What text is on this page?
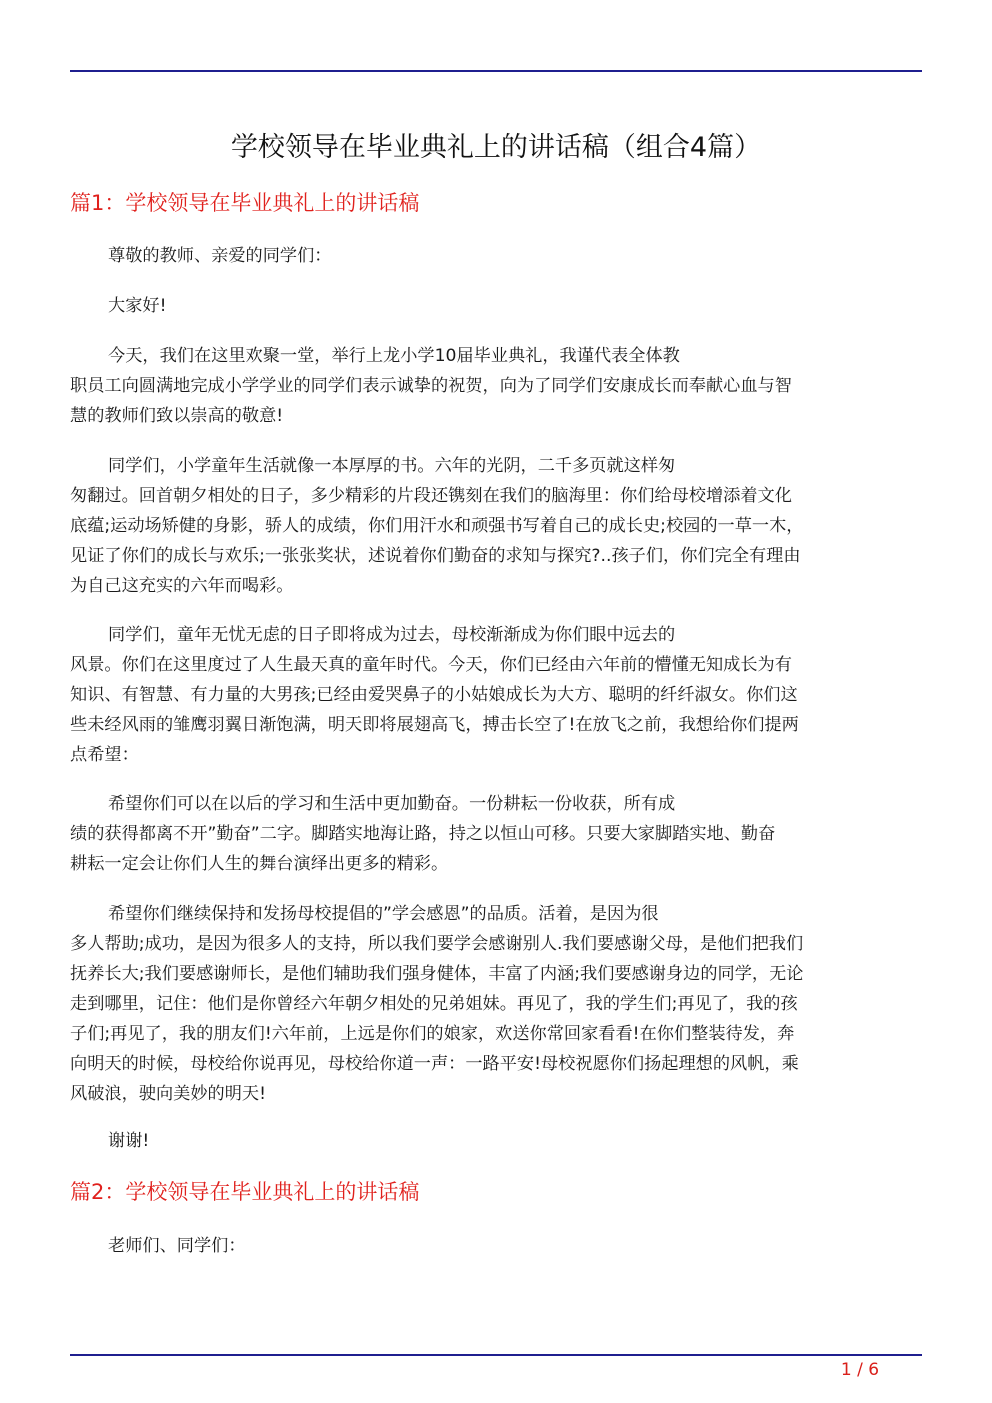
学校领导在毕业典礼上的讲话稿（组合4篇）
篇1：学校领导在毕业典礼上的讲话稿

尊敬的教师、亲爱的同学们：

大家好!

今天，我们在这里欢聚一堂，举行上龙小学10届毕业典礼，我谨代表全体教
职员工向圆满地完成小学学业的同学们表示诚挚的祝贺，向为了同学们安康成长而奉献心血与智
慧的教师们致以崇高的敬意!

同学们，小学童年生活就像一本厚厚的书。六年的光阴，二千多页就这样匆
匆翻过。回首朝夕相处的日子，多少精彩的片段还镌刻在我们的脑海里：你们给母校增添着文化
底蕴;运动场矫健的身影，骄人的成绩，你们用汗水和顽强书写着自己的成长史;校园的一草一木，
见证了你们的成长与欢乐;一张张奖状，述说着你们勤奋的求知与探究?..孩子们，你们完全有理由
为自己这充实的六年而喝彩。

同学们，童年无忧无虑的日子即将成为过去，母校渐渐成为你们眼中远去的
风景。你们在这里度过了人生最天真的童年时代。今天，你们已经由六年前的懵懂无知成长为有
知识、有智慧、有力量的大男孩;已经由爱哭鼻子的小姑娘成长为大方、聪明的纤纤淑女。你们这
些未经风雨的雏鹰羽翼日渐饱满，明天即将展翅高飞，搏击长空了!在放飞之前，我想给你们提两
点希望：

希望你们可以在以后的学习和生活中更加勤奋。一份耕耘一份收获，所有成
绩的获得都离不开”勤奋”二字。脚踏实地海让路，持之以恒山可移。只要大家脚踏实地、勤奋
耕耘一定会让你们人生的舞台演绎出更多的精彩。

希望你们继续保持和发扬母校提倡的”学会感恩”的品质。活着，是因为很
多人帮助;成功，是因为很多人的支持，所以我们要学会感谢别人.我们要感谢父母，是他们把我们
抚养长大;我们要感谢师长，是他们辅助我们强身健体，丰富了内涵;我们要感谢身边的同学，无论
走到哪里，记住：他们是你曾经六年朝夕相处的兄弟姐妹。再见了，我的学生们;再见了，我的孩
子们;再见了，我的朋友们!六年前，上远是你们的娘家，欢送你常回家看看!在你们整装待发，奔
向明天的时候，母校给你说再见，母校给你道一声：一路平安!母校祝愿你们扬起理想的风帆，乘
风破浪，驶向美妙的明天!

谢谢!

篇2：学校领导在毕业典礼上的讲话稿

老师们、同学们：

1 / 6
